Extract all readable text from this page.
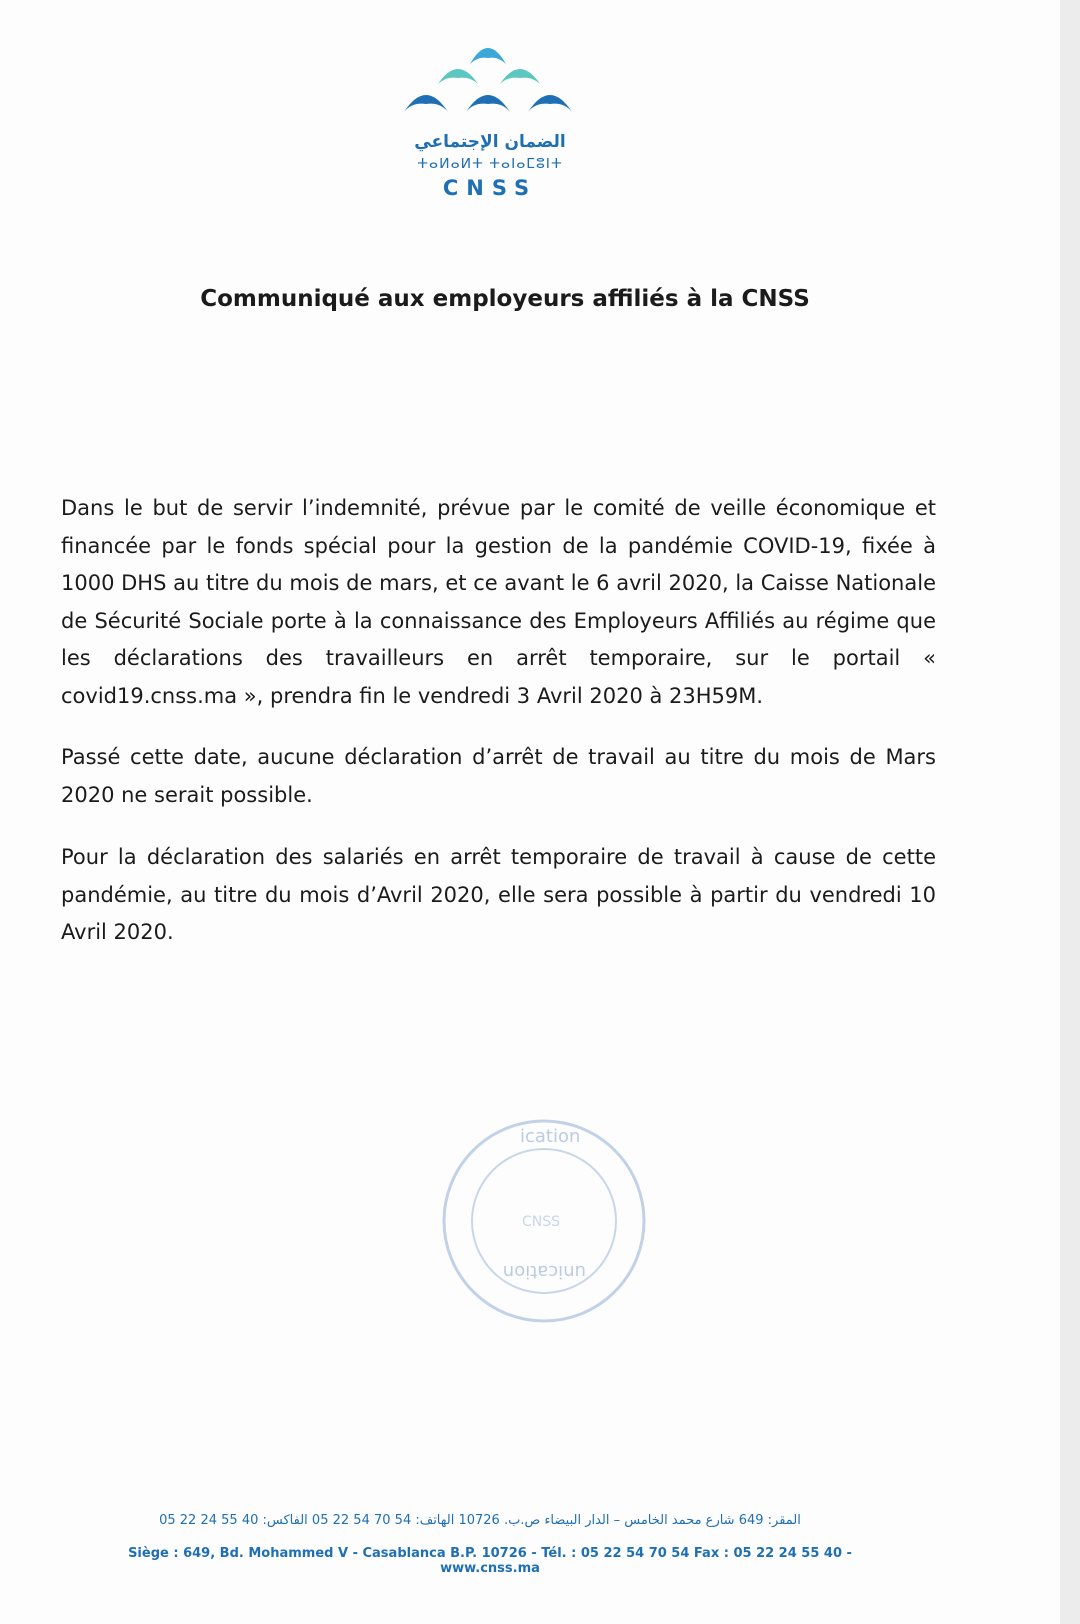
الضمان الإجتماعي
ⵜⴰⵍⴰⵍⵜ ⵜⴰⵏⴰⵎⵓⵏⵜ
CNSS
Communiqué aux employeurs affiliés à la CNSS

Dans le but de servir l’indemnité, prévue par le comité de veille économique et financée par le fonds spécial pour la gestion de la pandémie COVID-19, fixée à 1000 DHS au titre du mois de mars, et ce avant le 6 avril 2020, la Caisse Nationale de Sécurité Sociale porte à la connaissance des Employeurs Affiliés au régime que les déclarations des travailleurs en arrêt temporaire, sur le portail « covid19.cnss.ma », prendra fin le vendredi 3 Avril 2020 à 23H59M.

Passé cette date, aucune déclaration d’arrêt de travail au titre du mois de Mars 2020 ne serait possible.

Pour la déclaration des salariés en arrêt temporaire de travail à cause de cette pandémie, au titre du mois d’Avril 2020, elle sera possible à partir du vendredi 10 Avril 2020.

ication
CNSS
unication
المقر: 649 شارع محمد الخامس – الدار البيضاء ص.ب. 10726 الهاتف: 54 70 54 22 05 الفاكس: 40 55 24 22 05
Siège : 649, Bd. Mohammed V - Casablanca B.P. 10726 - Tél. : 05 22 54 70 54 Fax : 05 22 24 55 40 - www.cnss.ma
